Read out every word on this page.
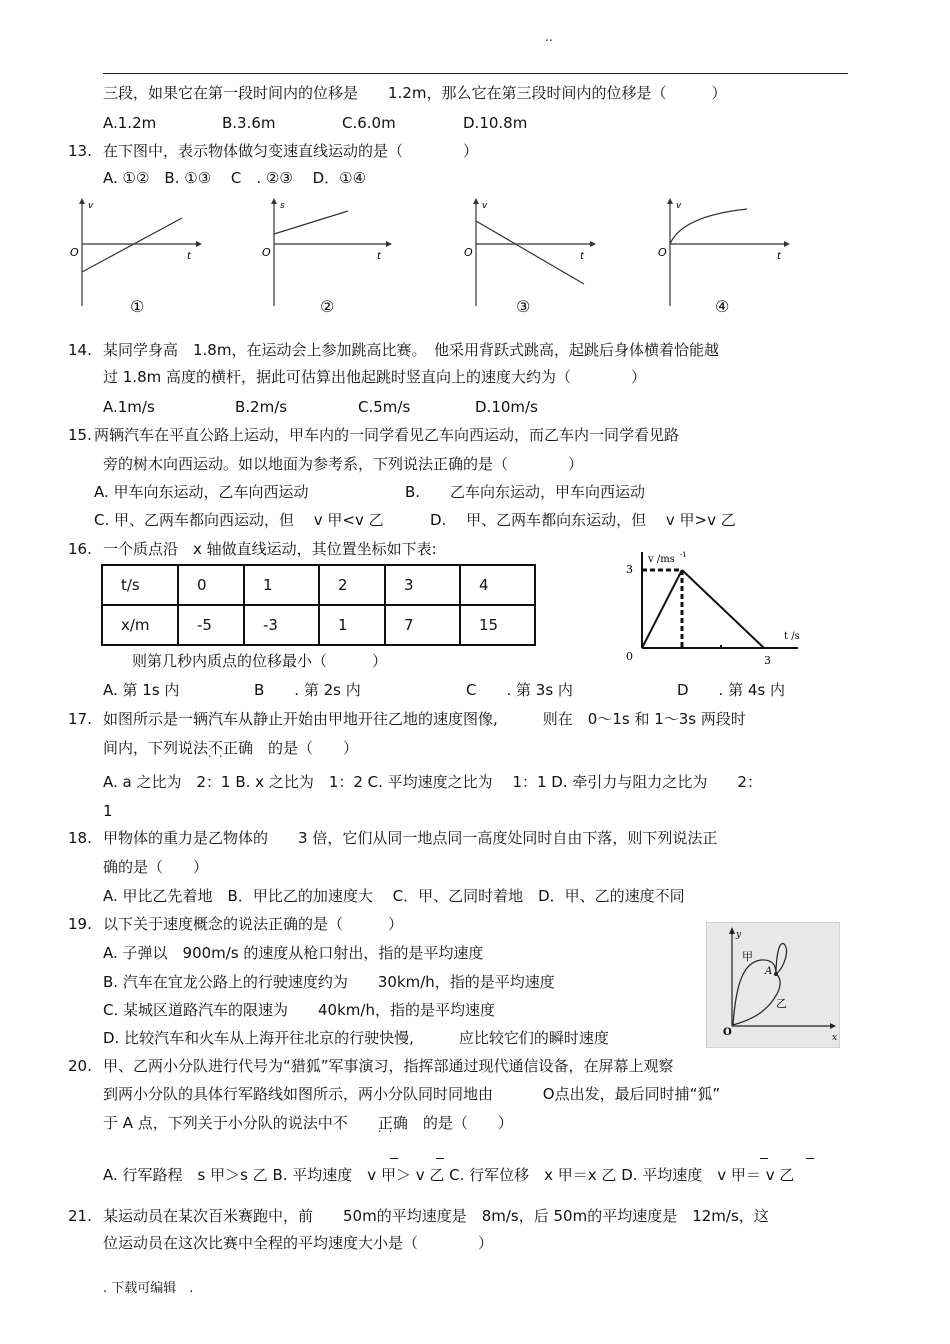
..
三段，如果它在第一段时间内的位移是　　1.2m，那么它在第三段时间内的位移是（　　　）
A.1.2m	B.3.6m	C.6.0m	D.10.8m
13. 在下图中，表示物体做匀变速直线运动的是（　　　　）
A. ①②　B. ①③　 C　. ②③　 D．①④
v
O	t
①
s
O	t
②
v
O	t
③
v
O	t
④
14. 某同学身高　1.8m，在运动会上参加跳高比赛。　他采用背跃式跳高，起跳后身体横着恰能越
过 1.8m 高度的横杆，据此可估算出他起跳时竖直向上的速度大约为（　　　　）
A.1m/s	B.2m/s	C.5m/s	D.10m/s
15. 两辆汽车在平直公路上运动，甲车内的一同学看见乙车向西运动，而乙车内一同学看见路
旁的树木向西运动。如以地面为参考系，下列说法正确的是（　　　　）
A. 甲车向东运动，乙车向西运动	B.　　乙车向东运动，甲车向西运动
C. 甲、乙两车都向西运动，但　 v 甲<v 乙	D.　 甲、乙两车都向东运动，但　 v 甲>v 乙
16. 一个质点沿　x 轴做直线运动，其位置坐标如下表:
t/s	0	1	2	3	4
x/m	-5	-3	1	7	15
v /ms -1
t /s
3
0	3
则第几秒内质点的位移最小（　　　）
A. 第 1s 内	B　　. 第 2s 内	C　　. 第 3s 内	D　　. 第 4s 内
17. 如图所示是一辆汽车从静止开始由甲地开往乙地的速度图像,　　　则在　0～1s 和 1～3s 两段时
间内，下列说法不正确 · ·　 的是（　　）
A. a 之比为　2：1 B. x 之比为　1：2 C. 平均速度之比为　 1：1 D. 牵引力与阻力之比为　　2：
1
18. 甲物体的重力是乙物体的　　3 倍，它们从同一地点同一高度处同时自由下落，则下列说法正
确的是（　　）
A. 甲比乙先着地　B．甲比乙的加速度大　 C．甲、乙同时着地　D．甲、乙的速度不同
19. 以下关于速度概念的说法正确的是（　　　）
A. 子弹以　900m/s 的速度从枪口射出，指的是平均速度
B. 汽车在宜龙公路上的行驶速度约为　　30km/h，指的是平均速度
C. 某城区道路汽车的限速为　　40km/h，指的是平均速度
D. 比较汽车和火车从上海开往北京的行驶快慢,　　　应比较它们的瞬时速度
y
x
O
甲
乙
A
20. 甲、乙两小分队进行代号为“猎狐”军事演习，指挥部通过现代通信设备，在屏幕上观察
到两小分队的具体行军路线如图所示，两小分队同时同地由　　　 O点出发，最后同时捕“狐”
于 A 点，下列关于小分队的说法中不　　正确 · ·　 的是（　　）
A. 行军路程　s 甲＞s 乙 B. 平均速度　v 甲＞ v 乙 C. 行军位移　x 甲＝x 乙 D. 平均速度　v 甲＝ v 乙
21. 某运动员在某次百米赛跑中，前　　50m的平均速度是　8m/s，后 50m的平均速度是　12m/s，这
位运动员在这次比赛中全程的平均速度大小是（　　　　）
. 下载可编辑　.
